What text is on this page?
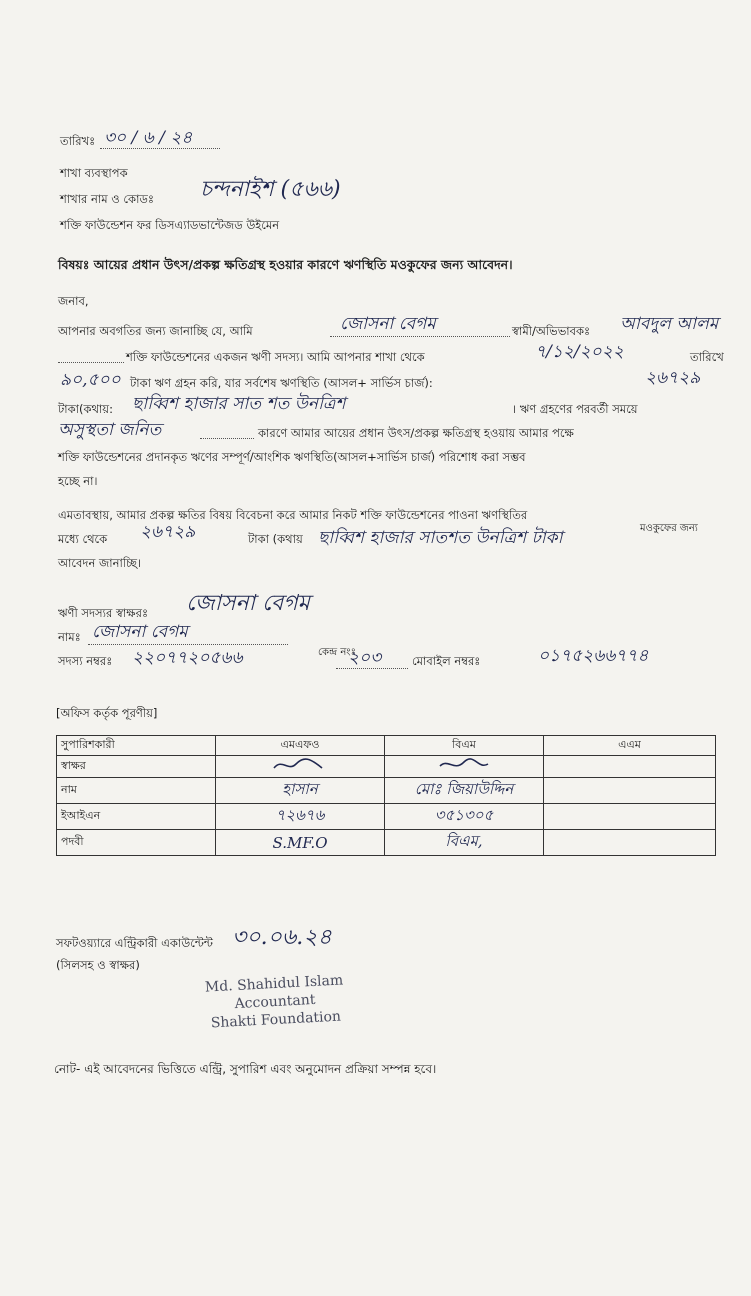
তারিখঃ ৩০ / ৬ / ২৪
শাখা ব্যবস্থাপক
শাখার নাম ও কোডঃ চন্দনাইশ (৫৬৬)
শক্তি ফাউন্ডেশন ফর ডিসএ্যাডভান্টেজড উইমেন
বিষয়ঃ আয়ের প্রধান উৎস/প্রকল্প ক্ষতিগ্রস্থ হওয়ার কারণে ঋণস্থিতি মওকুফের জন্য আবেদন।
জনাব,
আপনার অবগতির জন্য জানাচ্ছি যে, আমি	জোসনা বেগম	স্বামী/অভিভাবকঃ আবদুল আলম
শক্তি ফাউন্ডেশনের একজন ঋণী সদস্য। আমি আপনার শাখা থেকে	৭/১২/২০২২	তারিখে
৯০,৫০০ টাকা ঋণ গ্রহন করি, যার সর্বশেষ ঋণস্থিতি (আসল+ সার্ভিস চার্জ):	২৬৭২৯
টাকা(কথায়: ছাব্বিশ হাজার সাত শত উনত্রিশ	। ঋণ গ্রহণের পরবর্তী সময়ে
অসুস্থতা জনিত	কারণে আমার আয়ের প্রধান উৎস/প্রকল্প ক্ষতিগ্রস্থ হওয়ায় আমার পক্ষে
শক্তি ফাউন্ডেশনের প্রদানকৃত ঋণের সম্পূর্ণ/আংশিক ঋণস্থিতি(আসল+সার্ভিস চার্জ) পরিশোধ করা সম্ভব
হচ্ছে না।
এমতাবস্থায়, আমার প্রকল্প ক্ষতির বিষয় বিবেচনা করে আমার নিকট শক্তি ফাউন্ডেশনের পাওনা ঋণস্থিতির
মধ্যে থেকে ২৬৭২৯	টাকা (কথায় ছাব্বিশ হাজার সাতশত উনত্রিশ টাকা	মওকুফের জন্য
আবেদন জানাচ্ছি।
ঋণী সদস্যর স্বাক্ষরঃ জোসনা বেগম
নামঃ জোসনা বেগম
সদস্য নম্বরঃ ২২০৭৭২০৫৬৬	কেন্দ্র নংঃ
২০৩	মোবাইল নম্বরঃ	০১৭৫২৬৬৭৭৪
[অফিস কর্তৃক পূরণীয়]
সুপারিশকারী	এমএফও	বিএম	এএম
স্বাক্ষর			
নাম	হাসান	মোঃ জিয়াউদ্দিন	
ইআইএন	৭২৬৭৬	৩৫১৩০৫	
পদবী	S.MF.O	বিএম,	
সফটওয়্যারে এন্ট্রিকারী একাউন্টেন্ট
(সিলসহ ও স্বাক্ষর)
৩০.০৬.২৪
Md. Shahidul Islam
Accountant
Shakti Foundation
নোট- এই আবেদনের ভিত্তিতে এন্ট্রি, সুপারিশ এবং অনুমোদন প্রক্রিয়া সম্পন্ন হবে।
